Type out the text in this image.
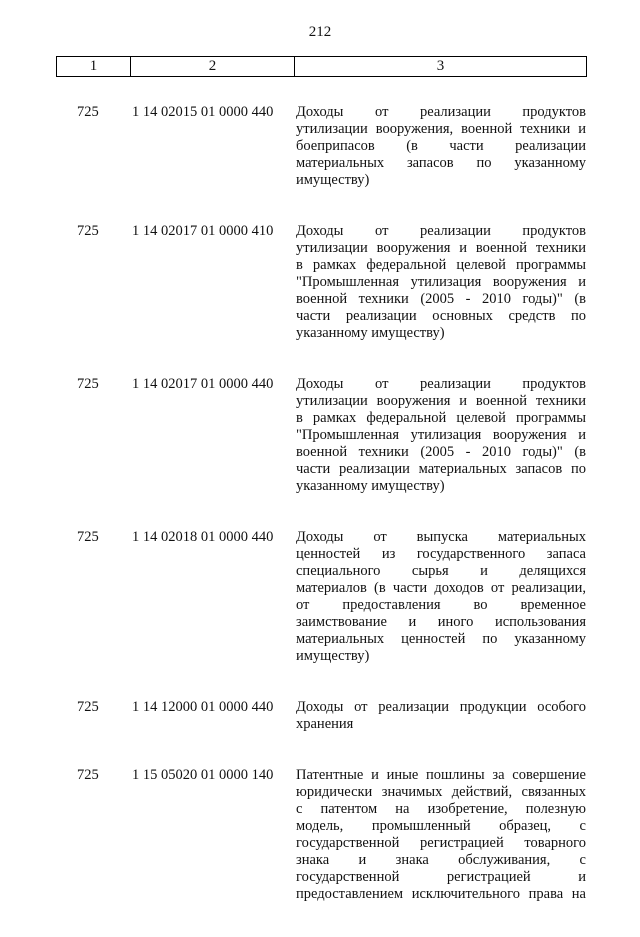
212
1	2	3
725	1 14 02015 01 0000 440	Доходы от реализации продуктов
утилизации вооружения, военной техники и
боеприпасов (в части реализации
материальных запасов по указанному
имуществу)
725	1 14 02017 01 0000 410	Доходы от реализации продуктов
утилизации вооружения и военной техники
в рамках федеральной целевой программы
"Промышленная утилизация вооружения и
военной техники (2005 - 2010 годы)" (в
части реализации основных средств по
указанному имуществу)
725	1 14 02017 01 0000 440	Доходы от реализации продуктов
утилизации вооружения и военной техники
в рамках федеральной целевой программы
"Промышленная утилизация вооружения и
военной техники (2005 - 2010 годы)" (в
части реализации материальных запасов по
указанному имуществу)
725	1 14 02018 01 0000 440	Доходы от выпуска материальных
ценностей из государственного запаса
специального сырья и делящихся
материалов (в части доходов от реализации,
от предоставления во временное
заимствование и иного использования
материальных ценностей по указанному
имуществу)
725	1 14 12000 01 0000 440	Доходы от реализации продукции особого
хранения
725	1 15 05020 01 0000 140	Патентные и иные пошлины за совершение
юридически значимых действий, связанных
с патентом на изобретение, полезную
модель, промышленный образец, с
государственной регистрацией товарного
знака и знака обслуживания, с
государственной регистрацией и
предоставлением исключительного права на
